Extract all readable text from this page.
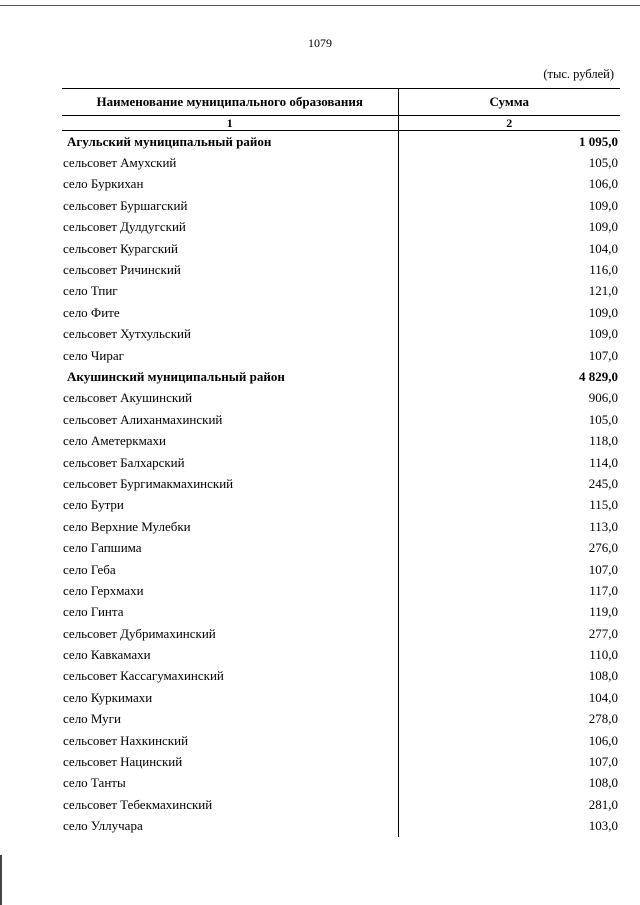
1079
(тыс. рублей)
Наименование муниципального образования	Сумма
1	2
Агульский муниципальный район	1 095,0
сельсовет Амухский	105,0
село Буркихан	106,0
сельсовет Буршагский	109,0
сельсовет Дулдугский	109,0
сельсовет Курагский	104,0
сельсовет Ричинский	116,0
село Тпиг	121,0
село Фите	109,0
сельсовет Хутхульский	109,0
село Чираг	107,0
Акушинский муниципальный район	4 829,0
сельсовет Акушинский	906,0
сельсовет Алиханмахинский	105,0
село Аметеркмахи	118,0
сельсовет Балхарский	114,0
сельсовет Бургимакмахинский	245,0
село Бутри	115,0
село Верхние Мулебки	113,0
село Гапшима	276,0
село Геба	107,0
село Герхмахи	117,0
село Гинта	119,0
сельсовет Дубримахинский	277,0
село Кавкамахи	110,0
сельсовет Кассагумахинский	108,0
село Куркимахи	104,0
село Муги	278,0
сельсовет Нахкинский	106,0
сельсовет Нацинский	107,0
село Танты	108,0
сельсовет Тебекмахинский	281,0
село Уллучара	103,0
